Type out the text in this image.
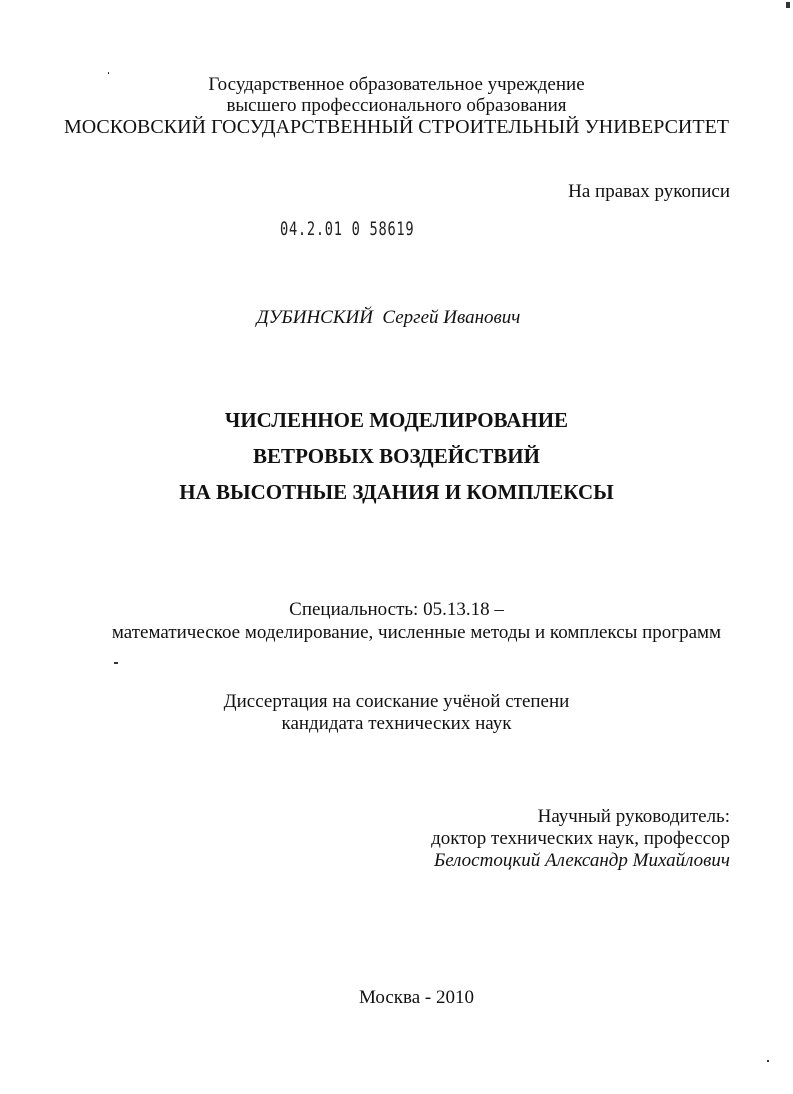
Государственное образовательное учреждение
высшего профессионального образования
МОСКОВСКИЙ ГОСУДАРСТВЕННЫЙ СТРОИТЕЛЬНЫЙ УНИВЕРСИТЕТ
На правах рукописи
04.2.01 0 58619
ДУБИНСКИЙ Сергей Иванович
ЧИСЛЕННОЕ МОДЕЛИРОВАНИЕ
ВЕТРОВЫХ ВОЗДЕЙСТВИЙ
НА ВЫСОТНЫЕ ЗДАНИЯ И КОМПЛЕКСЫ
Специальность: 05.13.18 –
математическое моделирование, численные методы и комплексы программ
Диссертация на соискание учёной степени
кандидата технических наук
Научный руководитель:
доктор технических наук, профессор
Белостоцкий Александр Михайлович
Москва - 2010
